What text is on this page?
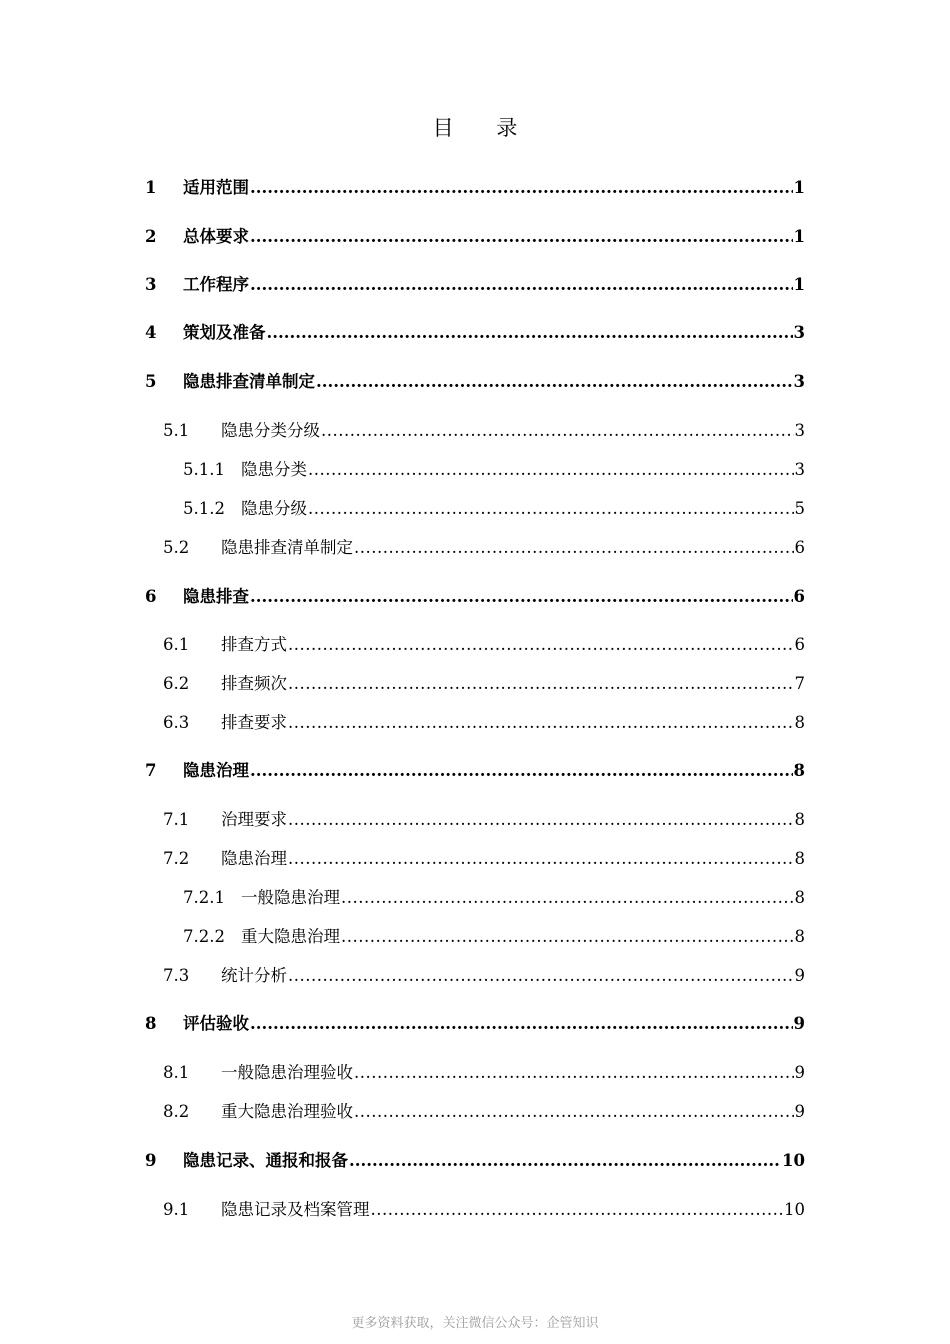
目 录
1	适用范围 .....	1
2	总体要求 .....	1
3	工作程序 .....	1
4	策划及准备 .....	3
5	隐患排查清单制定 .....	3
5.1	隐患分类分级 .....	3
5.1.1 隐患分类 .....	3
5.1.2 隐患分级 .....	5
5.2	隐患排查清单制定 .....	6
6	隐患排查 .....	6
6.1	排查方式 .....	6
6.2	排查频次 .....	7
6.3	排查要求 .....	8
7	隐患治理 .....	8
7.1	治理要求 .....	8
7.2	隐患治理 .....	8
7.2.1 一般隐患治理 .....	8
7.2.2 重大隐患治理 .....	8
7.3	统计分析 .....	9
8	评估验收 .....	9
8.1	一般隐患治理验收 .....	9
8.2	重大隐患治理验收 .....	9
9	隐患记录、通报和报备 .....	10
9.1	隐患记录及档案管理 .....	10
更多资料获取，关注微信公众号：企管知识
